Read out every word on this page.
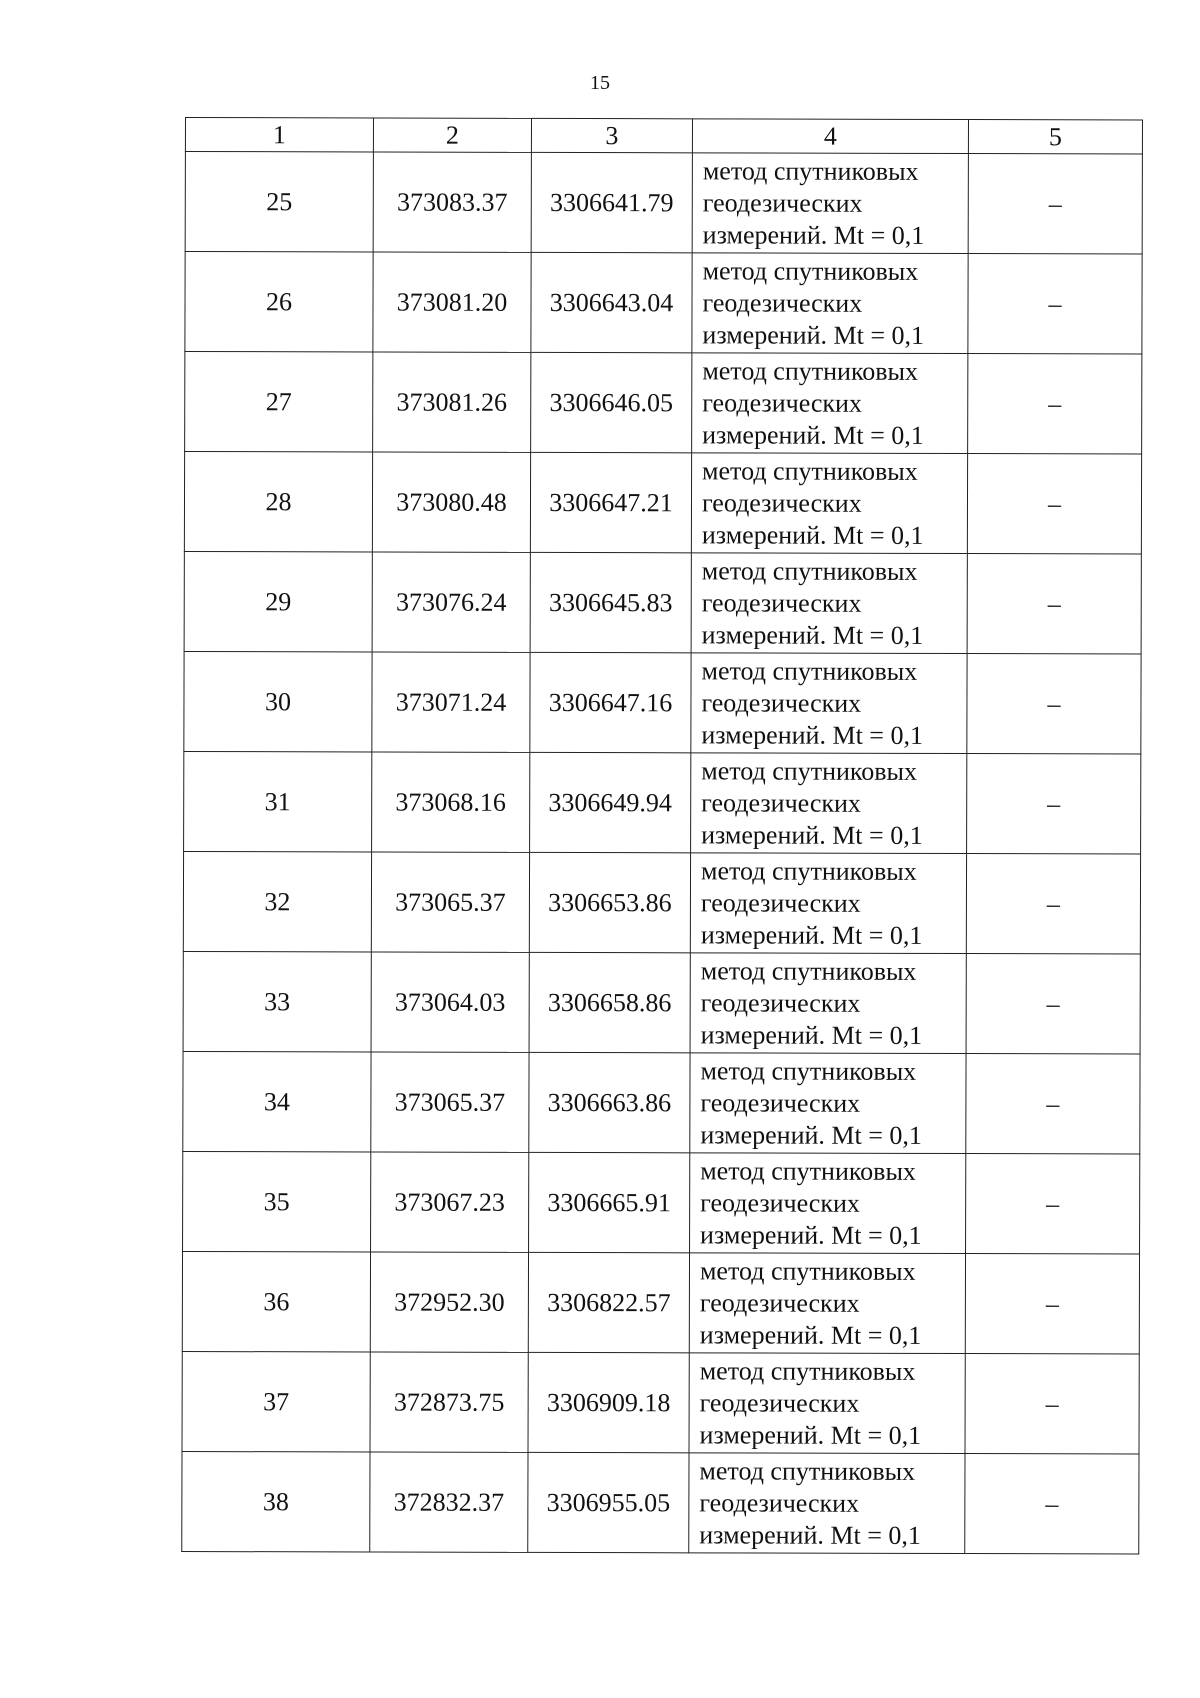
15
1	2	3	4	5
25	373083.37	3306641.79	метод спутниковых
геодезических
измерений. Mt = 0,1	–
26	373081.20	3306643.04	метод спутниковых
геодезических
измерений. Mt = 0,1	–
27	373081.26	3306646.05	метод спутниковых
геодезических
измерений. Mt = 0,1	–
28	373080.48	3306647.21	метод спутниковых
геодезических
измерений. Mt = 0,1	–
29	373076.24	3306645.83	метод спутниковых
геодезических
измерений. Mt = 0,1	–
30	373071.24	3306647.16	метод спутниковых
геодезических
измерений. Mt = 0,1	–
31	373068.16	3306649.94	метод спутниковых
геодезических
измерений. Mt = 0,1	–
32	373065.37	3306653.86	метод спутниковых
геодезических
измерений. Mt = 0,1	–
33	373064.03	3306658.86	метод спутниковых
геодезических
измерений. Mt = 0,1	–
34	373065.37	3306663.86	метод спутниковых
геодезических
измерений. Mt = 0,1	–
35	373067.23	3306665.91	метод спутниковых
геодезических
измерений. Mt = 0,1	–
36	372952.30	3306822.57	метод спутниковых
геодезических
измерений. Mt = 0,1	–
37	372873.75	3306909.18	метод спутниковых
геодезических
измерений. Mt = 0,1	–
38	372832.37	3306955.05	метод спутниковых
геодезических
измерений. Mt = 0,1	–
